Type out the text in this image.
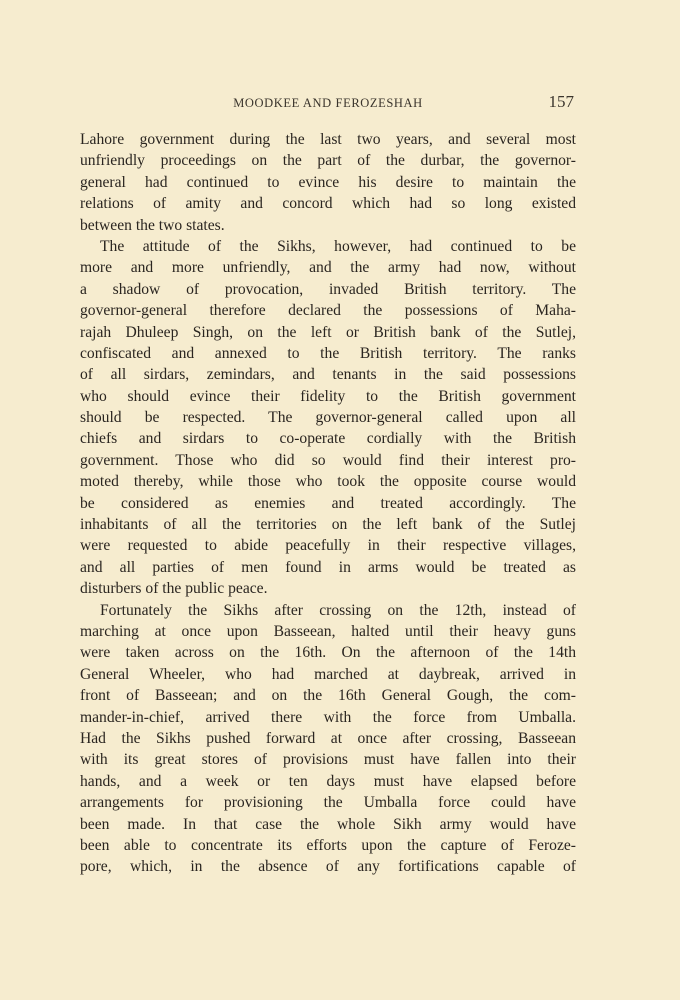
MOODKEE AND FEROZESHAH	157
Lahore government during the last two years, and several most
unfriendly proceedings on the part of the durbar, the governor-
general had continued to evince his desire to maintain the
relations of amity and concord which had so long existed
between the two states.
The attitude of the Sikhs, however, had continued to be
more and more unfriendly, and the army had now, without
a shadow of provocation, invaded British territory. The
governor-general therefore declared the possessions of Maha-
rajah Dhuleep Singh, on the left or British bank of the Sutlej,
confiscated and annexed to the British territory. The ranks
of all sirdars, zemindars, and tenants in the said possessions
who should evince their fidelity to the British government
should be respected. The governor-general called upon all
chiefs and sirdars to co-operate cordially with the British
government. Those who did so would find their interest pro-
moted thereby, while those who took the opposite course would
be considered as enemies and treated accordingly. The
inhabitants of all the territories on the left bank of the Sutlej
were requested to abide peacefully in their respective villages,
and all parties of men found in arms would be treated as
disturbers of the public peace.
Fortunately the Sikhs after crossing on the 12th, instead of
marching at once upon Basseean, halted until their heavy guns
were taken across on the 16th. On the afternoon of the 14th
General Wheeler, who had marched at daybreak, arrived in
front of Basseean; and on the 16th General Gough, the com-
mander-in-chief, arrived there with the force from Umballa.
Had the Sikhs pushed forward at once after crossing, Basseean
with its great stores of provisions must have fallen into their
hands, and a week or ten days must have elapsed before
arrangements for provisioning the Umballa force could have
been made. In that case the whole Sikh army would have
been able to concentrate its efforts upon the capture of Feroze-
pore, which, in the absence of any fortifications capable of
